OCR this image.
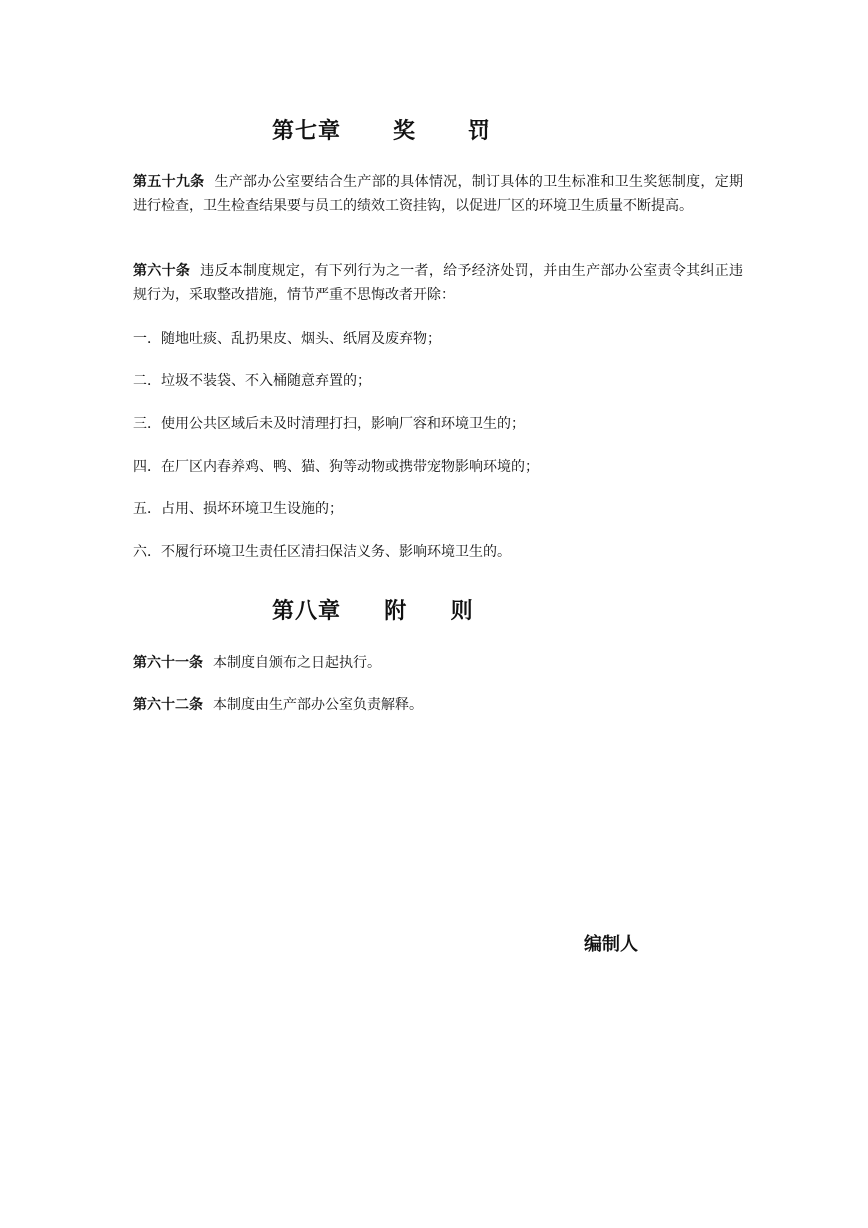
第七章      奖      罚
第五十九条 生产部办公室要结合生产部的具体情况，制订具体的卫生标准和卫生奖惩制度，定期进行检查，卫生检查结果要与员工的绩效工资挂钩，以促进厂区的环境卫生质量不断提高。
第六十条 违反本制度规定，有下列行为之一者，给予经济处罚，并由生产部办公室责令其纠正违规行为，采取整改措施，情节严重不思悔改者开除：
一．随地吐痰、乱扔果皮、烟头、纸屑及废弃物；
二．垃圾不装袋、不入桶随意弃置的；
三．使用公共区域后未及时清理打扫，影响厂容和环境卫生的；
四．在厂区内春养鸡、鸭、猫、狗等动物或携带宠物影响环境的；
五．占用、损坏环境卫生设施的；
六．不履行环境卫生责任区清扫保洁义务、影响环境卫生的。
第八章     附     则
第六十一条 本制度自颁布之日起执行。
第六十二条 本制度由生产部办公室负责解释。
编制人
